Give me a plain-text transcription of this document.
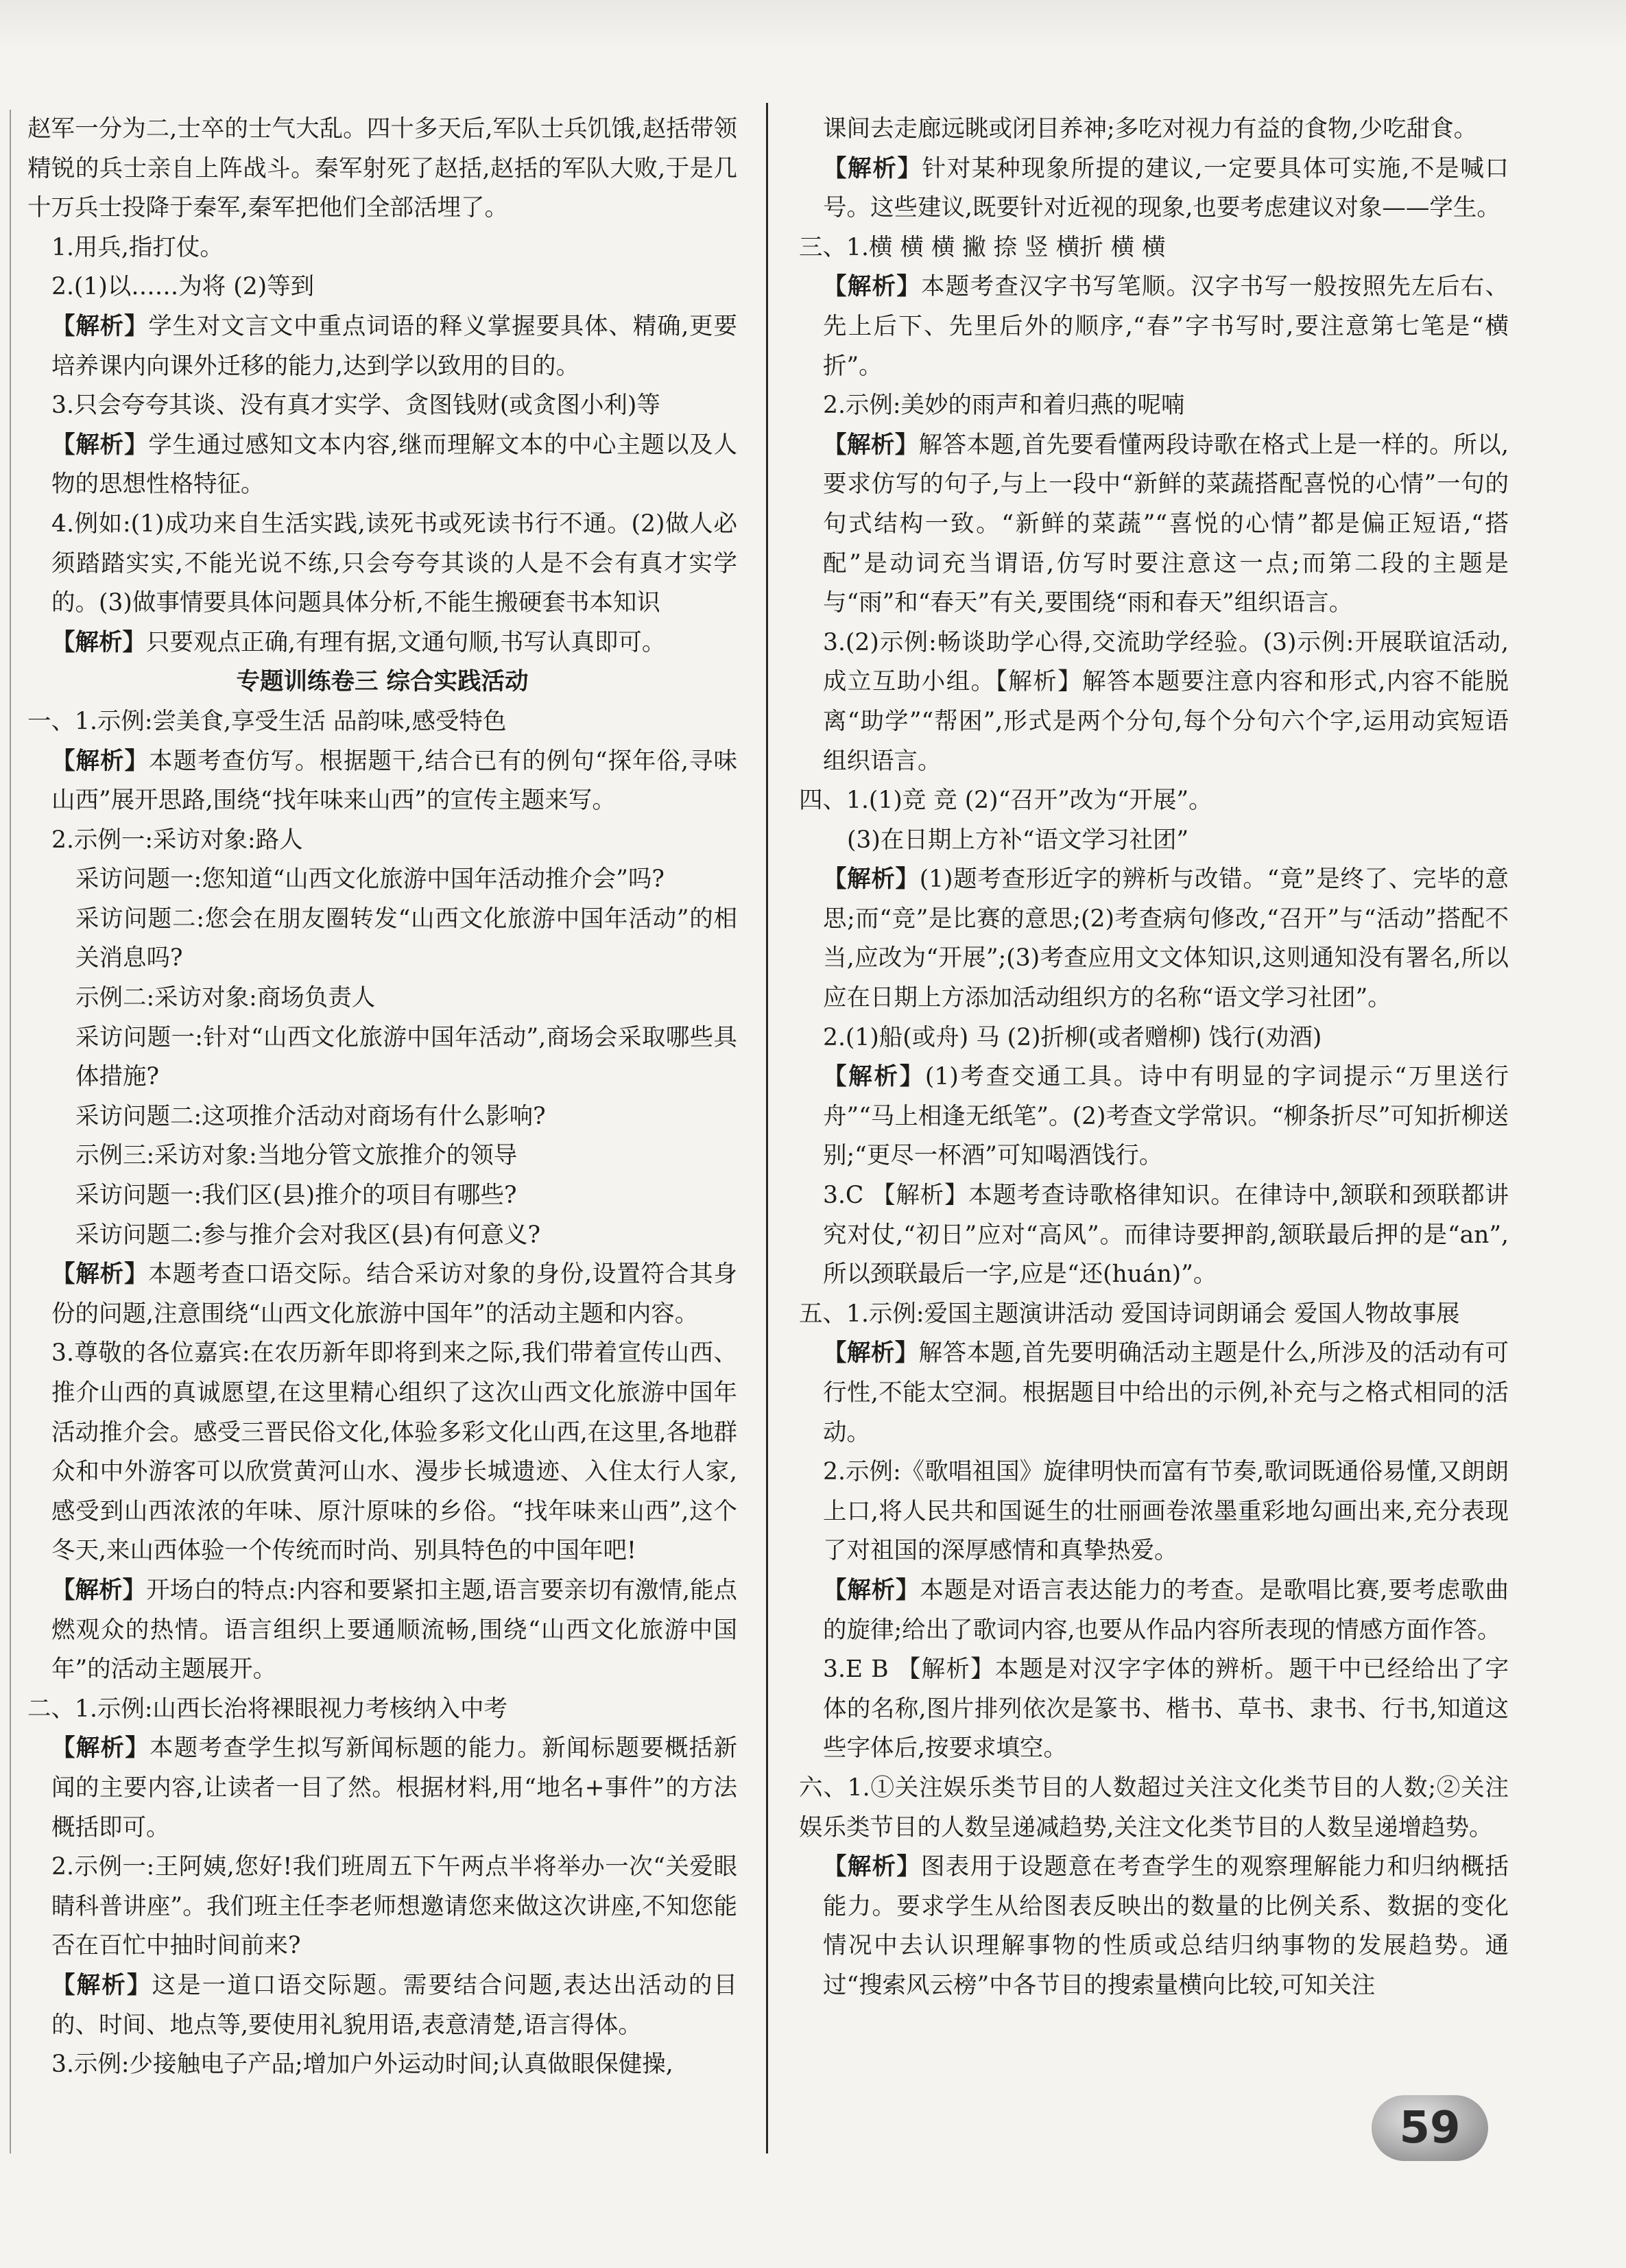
赵军一分为二,士卒的士气大乱。四十多天后,军队士兵饥饿,赵括带领精锐的兵士亲自上阵战斗。秦军射死了赵括,赵括的军队大败,于是几十万兵士投降于秦军,秦军把他们全部活埋了。

1.用兵,指打仗。

2.(1)以……为将 (2)等到

【解析】学生对文言文中重点词语的释义掌握要具体、精确,更要培养课内向课外迁移的能力,达到学以致用的目的。

3.只会夸夸其谈、没有真才实学、贪图钱财(或贪图小利)等

【解析】学生通过感知文本内容,继而理解文本的中心主题以及人物的思想性格特征。

4.例如:(1)成功来自生活实践,读死书或死读书行不通。(2)做人必须踏踏实实,不能光说不练,只会夸夸其谈的人是不会有真才实学的。(3)做事情要具体问题具体分析,不能生搬硬套书本知识

【解析】只要观点正确,有理有据,文通句顺,书写认真即可。

专题训练卷三 综合实践活动

一、1.示例:尝美食,享受生活 品韵味,感受特色

【解析】本题考查仿写。根据题干,结合已有的例句“探年俗,寻味山西”展开思路,围绕“找年味来山西”的宣传主题来写。

2.示例一:采访对象:路人

采访问题一:您知道“山西文化旅游中国年活动推介会”吗?

采访问题二:您会在朋友圈转发“山西文化旅游中国年活动”的相关消息吗?

示例二:采访对象:商场负责人

采访问题一:针对“山西文化旅游中国年活动”,商场会采取哪些具体措施?

采访问题二:这项推介活动对商场有什么影响?

示例三:采访对象:当地分管文旅推介的领导

采访问题一:我们区(县)推介的项目有哪些?

采访问题二:参与推介会对我区(县)有何意义?

【解析】本题考查口语交际。结合采访对象的身份,设置符合其身份的问题,注意围绕“山西文化旅游中国年”的活动主题和内容。

3.尊敬的各位嘉宾:在农历新年即将到来之际,我们带着宣传山西、推介山西的真诚愿望,在这里精心组织了这次山西文化旅游中国年活动推介会。感受三晋民俗文化,体验多彩文化山西,在这里,各地群众和中外游客可以欣赏黄河山水、漫步长城遗迹、入住太行人家,感受到山西浓浓的年味、原汁原味的乡俗。“找年味来山西”,这个冬天,来山西体验一个传统而时尚、别具特色的中国年吧!

【解析】开场白的特点:内容和要紧扣主题,语言要亲切有激情,能点燃观众的热情。语言组织上要通顺流畅,围绕“山西文化旅游中国年”的活动主题展开。

二、1.示例:山西长治将裸眼视力考核纳入中考

【解析】本题考查学生拟写新闻标题的能力。新闻标题要概括新闻的主要内容,让读者一目了然。根据材料,用“地名+事件”的方法概括即可。

2.示例一:王阿姨,您好!我们班周五下午两点半将举办一次“关爱眼睛科普讲座”。我们班主任李老师想邀请您来做这次讲座,不知您能否在百忙中抽时间前来?

【解析】这是一道口语交际题。需要结合问题,表达出活动的目的、时间、地点等,要使用礼貌用语,表意清楚,语言得体。

3.示例:少接触电子产品;增加户外运动时间;认真做眼保健操,

课间去走廊远眺或闭目养神;多吃对视力有益的食物,少吃甜食。

【解析】针对某种现象所提的建议,一定要具体可实施,不是喊口号。这些建议,既要针对近视的现象,也要考虑建议对象——学生。

三、1.横 横 横 撇 捺 竖 横折 横 横

【解析】本题考查汉字书写笔顺。汉字书写一般按照先左后右、先上后下、先里后外的顺序,“春”字书写时,要注意第七笔是“横折”。

2.示例:美妙的雨声和着归燕的呢喃

【解析】解答本题,首先要看懂两段诗歌在格式上是一样的。所以,要求仿写的句子,与上一段中“新鲜的菜蔬搭配喜悦的心情”一句的句式结构一致。“新鲜的菜蔬”“喜悦的心情”都是偏正短语,“搭配”是动词充当谓语,仿写时要注意这一点;而第二段的主题是与“雨”和“春天”有关,要围绕“雨和春天”组织语言。

3.(2)示例:畅谈助学心得,交流助学经验。(3)示例:开展联谊活动,成立互助小组。【解析】解答本题要注意内容和形式,内容不能脱离“助学”“帮困”,形式是两个分句,每个分句六个字,运用动宾短语组织语言。

四、1.(1)竞 竞 (2)“召开”改为“开展”。

(3)在日期上方补“语文学习社团”

【解析】(1)题考查形近字的辨析与改错。“竟”是终了、完毕的意思;而“竞”是比赛的意思;(2)考查病句修改,“召开”与“活动”搭配不当,应改为“开展”;(3)考查应用文文体知识,这则通知没有署名,所以应在日期上方添加活动组织方的名称“语文学习社团”。

2.(1)船(或舟) 马 (2)折柳(或者赠柳) 饯行(劝酒)

【解析】(1)考查交通工具。诗中有明显的字词提示“万里送行舟”“马上相逢无纸笔”。(2)考查文学常识。“柳条折尽”可知折柳送别;“更尽一杯酒”可知喝酒饯行。

3.C 【解析】本题考查诗歌格律知识。在律诗中,颔联和颈联都讲究对仗,“初日”应对“高风”。而律诗要押韵,颔联最后押的是“an”,所以颈联最后一字,应是“还(huán)”。

五、1.示例:爱国主题演讲活动 爱国诗词朗诵会 爱国人物故事展

【解析】解答本题,首先要明确活动主题是什么,所涉及的活动有可行性,不能太空洞。根据题目中给出的示例,补充与之格式相同的活动。

2.示例:《歌唱祖国》旋律明快而富有节奏,歌词既通俗易懂,又朗朗上口,将人民共和国诞生的壮丽画卷浓墨重彩地勾画出来,充分表现了对祖国的深厚感情和真挚热爱。

【解析】本题是对语言表达能力的考查。是歌唱比赛,要考虑歌曲的旋律;给出了歌词内容,也要从作品内容所表现的情感方面作答。

3.E B 【解析】本题是对汉字字体的辨析。题干中已经给出了字体的名称,图片排列依次是篆书、楷书、草书、隶书、行书,知道这些字体后,按要求填空。

六、1.①关注娱乐类节目的人数超过关注文化类节目的人数;②关注娱乐类节目的人数呈递减趋势,关注文化类节目的人数呈递增趋势。

【解析】图表用于设题意在考查学生的观察理解能力和归纳概括能力。要求学生从给图表反映出的数量的比例关系、数据的变化情况中去认识理解事物的性质或总结归纳事物的发展趋势。通过“搜索风云榜”中各节目的搜索量横向比较,可知关注

59
